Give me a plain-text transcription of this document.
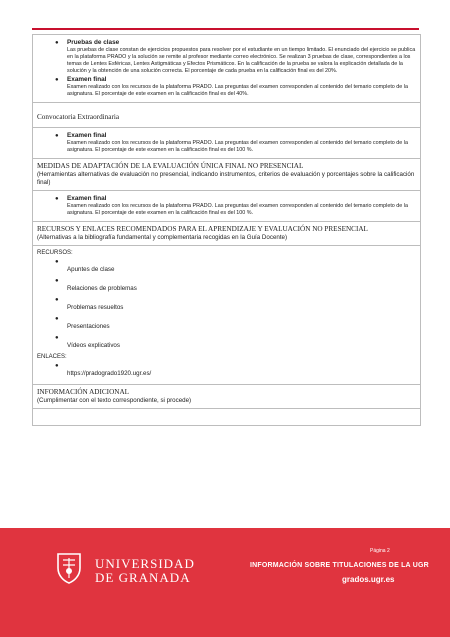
● Pruebas de clase
Las pruebas de clase constan de ejercicios propuestos para resolver por el estudiante en un tiempo limitado. El enunciado del ejercicio se publica en la plataforma PRADO y la solución se remite al profesor mediante correo electrónico. Se realizan 3 pruebas de clase, correspondientes a los temas de Lentes Esféricas, Lentes Astigmáticas y Efectos Prismáticos. En la calificación de la prueba se valora la explicación detallada de la solución y la obtención de una solución correcta. El porcentaje de cada prueba en la calificación final es del 20%.
● Examen final
Examen realizado con los recursos de la plataforma PRADO. Las preguntas del examen corresponden al contenido del temario completo de la asignatura. El porcentaje de este examen en la calificación final es del 40%.
Convocatoria Extraordinaria
● Examen final
Examen realizado con los recursos de la plataforma PRADO. Las preguntas del examen corresponden al contenido del temario completo de la asignatura. El porcentaje de este examen en la calificación final es del 100 %.
MEDIDAS DE ADAPTACIÓN DE LA EVALUACIÓN ÚNICA FINAL NO PRESENCIAL
(Herramientas alternativas de evaluación no presencial, indicando instrumentos, criterios de evaluación y porcentajes sobre la calificación final)
● Examen final
Examen realizado con los recursos de la plataforma PRADO. Las preguntas del examen corresponden al contenido del temario completo de la asignatura. El porcentaje de este examen en la calificación final es del 100 %.
RECURSOS Y ENLACES RECOMENDADOS PARA EL APRENDIZAJE Y EVALUACIÓN NO PRESENCIAL
(Alternativas a la bibliografía fundamental y complementaria recogidas en la Guía Docente)
RECURSOS:
●
Apuntes de clase
●
Relaciones de problemas
●
Problemas resueltos
●
Presentaciones
●
Vídeos explicativos
ENLACES:
●
https://pradogrado1920.ugr.es/
INFORMACIÓN ADICIONAL
(Cumplimentar con el texto correspondiente, si procede)
UNIVERSIDAD
DE GRANADA
Página 2
INFORMACIÓN SOBRE TITULACIONES DE LA UGR
grados.ugr.es
